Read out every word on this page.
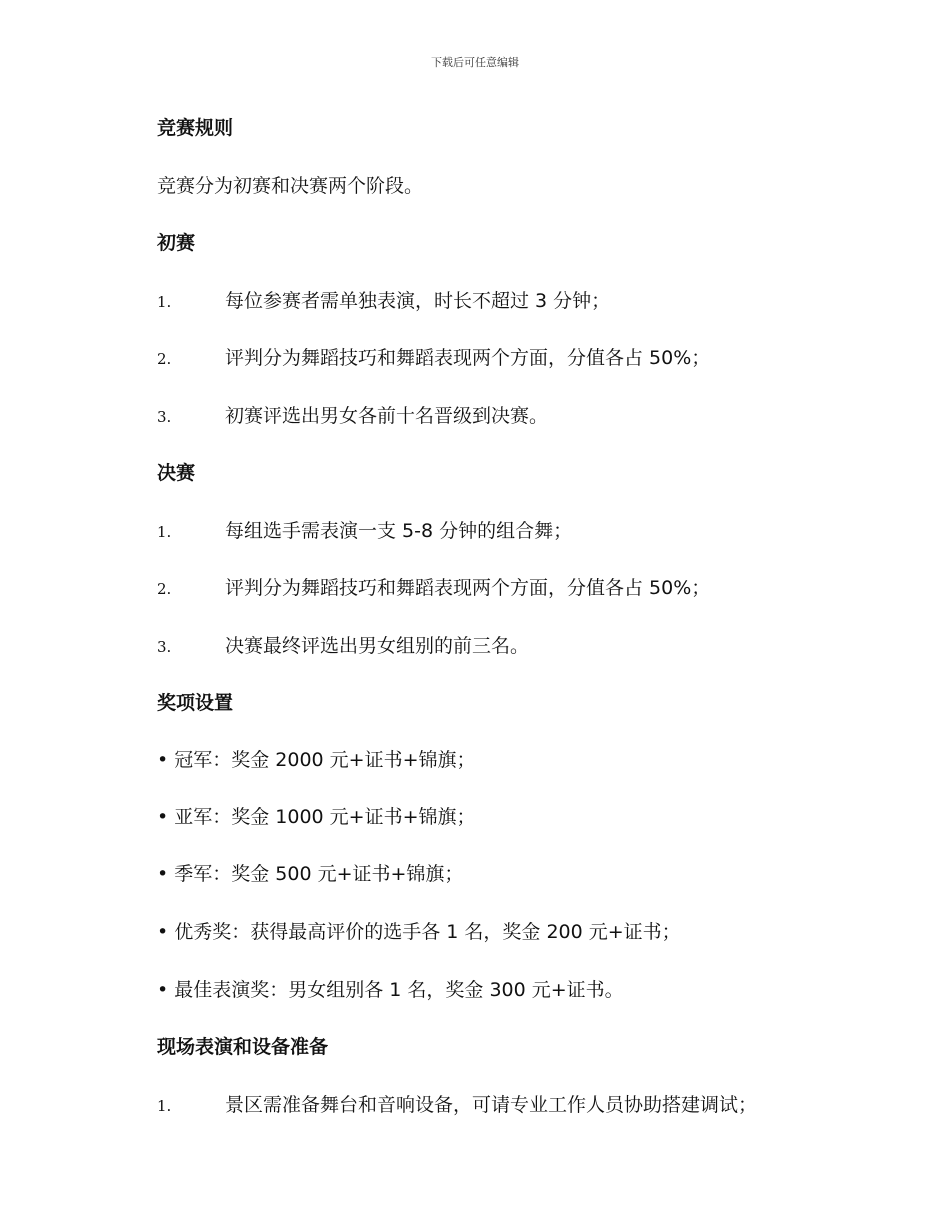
下载后可任意编辑
竞赛规则
竞赛分为初赛和决赛两个阶段。
初赛
1.	每位参赛者需单独表演，时长不超过 3 分钟；
2.	评判分为舞蹈技巧和舞蹈表现两个方面，分值各占 50%；
3.	初赛评选出男女各前十名晋级到决赛。
决赛
1.	每组选手需表演一支 5-8 分钟的组合舞；
2.	评判分为舞蹈技巧和舞蹈表现两个方面，分值各占 50%；
3.	决赛最终评选出男女组别的前三名。
奖项设置
• 冠军：奖金 2000 元+证书+锦旗；
• 亚军：奖金 1000 元+证书+锦旗；
• 季军：奖金 500 元+证书+锦旗；
• 优秀奖：获得最高评价的选手各 1 名，奖金 200 元+证书；
• 最佳表演奖：男女组别各 1 名，奖金 300 元+证书。
现场表演和设备准备
1.	景区需准备舞台和音响设备，可请专业工作人员协助搭建调试；
